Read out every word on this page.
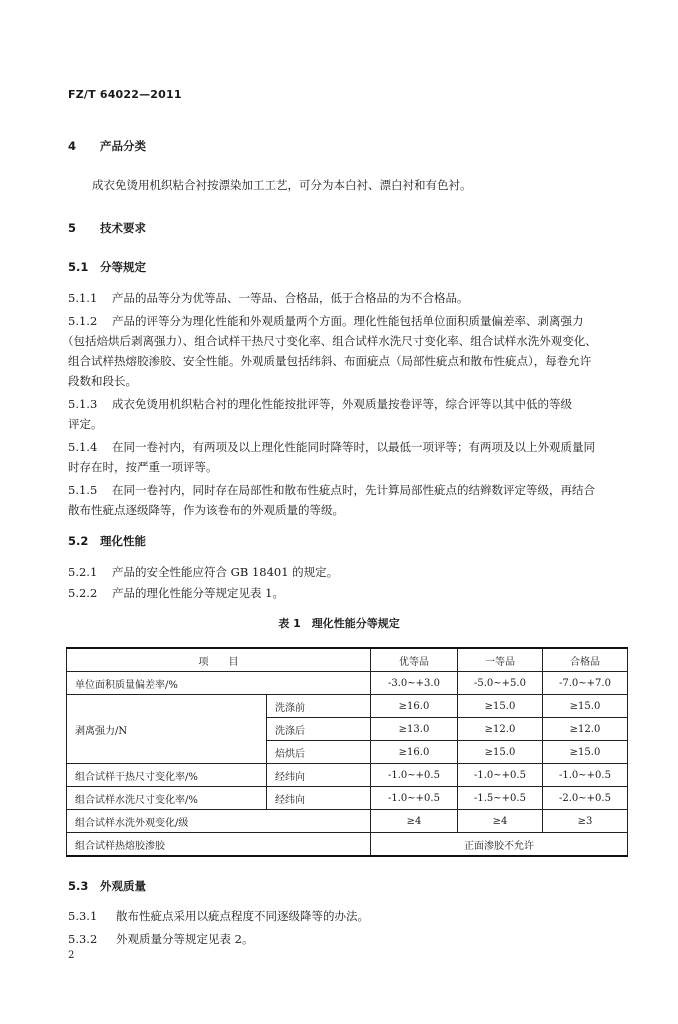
FZ/T 64022—2011
4 产品分类
成衣免烫用机织粘合衬按漂染加工工艺，可分为本白衬、漂白衬和有色衬。
5 技术要求
5.1 分等规定
5.1.1 产品的品等分为优等品、一等品、合格品，低于合格品的为不合格品。
5.1.2 产品的评等分为理化性能和外观质量两个方面。理化性能包括单位面积质量偏差率、剥离强力
（包括焙烘后剥离强力）、组合试样干热尺寸变化率、组合试样水洗尺寸变化率、组合试样水洗外观变化、
组合试样热熔胶渗胶、安全性能。外观质量包括纬斜、布面疵点（局部性疵点和散布性疵点），每卷允许
段数和段长。
5.1.3 成衣免烫用机织粘合衬的理化性能按批评等，外观质量按卷评等，综合评等以其中低的等级
评定。
5.1.4 在同一卷衬内，有两项及以上理化性能同时降等时，以最低一项评等；有两项及以上外观质量同
时存在时，按严重一项评等。
5.1.5 在同一卷衬内，同时存在局部性和散布性疵点时，先计算局部性疵点的结辫数评定等级，再结合
散布性疵点逐级降等，作为该卷布的外观质量的等级。
5.2 理化性能
5.2.1 产品的安全性能应符合 GB 18401 的规定。
5.2.2 产品的理化性能分等规定见表 1。
表 1　理化性能分等规定
项　　目		优等品	一等品	合格品
单位面积质量偏差率/%		-3.0~+3.0	-5.0~+5.0	-7.0~+7.0
剥离强力/N	洗涤前	≥16.0	≥15.0	≥15.0
	洗涤后	≥13.0	≥12.0	≥12.0
	焙烘后	≥16.0	≥15.0	≥15.0
组合试样干热尺寸变化率/%	经纬向	-1.0~+0.5	-1.0~+0.5	-1.0~+0.5
组合试样水洗尺寸变化率/%	经纬向	-1.0~+0.5	-1.5~+0.5	-2.0~+0.5
组合试样水洗外观变化/级		≥4	≥4	≥3
组合试样热熔胶渗胶		正面渗胶不允许		
5.3 外观质量
5.3.1 散布性疵点采用以疵点程度不同逐级降等的办法。
5.3.2 外观质量分等规定见表 2。
2
